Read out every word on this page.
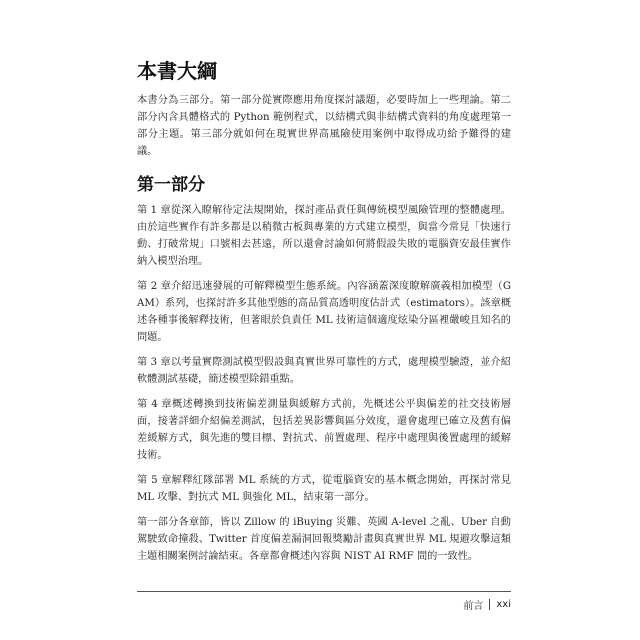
本書大綱

本書分為三部分。第一部分從實際應用角度探討議題，必要時加上一些理論。第二部分內含具體格式的 Python 範例程式，以結構式與非結構式資料的角度處理第一部分主題。第三部分就如何在現實世界高風險使用案例中取得成功給予難得的建議。

第一部分

第 1 章從深入瞭解待定法規開始，探討產品責任與傳統模型風險管理的整體處理。由於這些實作有許多都是以稍微古板與專業的方式建立模型，與當今常見「快速行動、打破常規」口號相去甚遠，所以還會討論如何將假設失敗的電腦資安最佳實作納入模型治理。

第 2 章介紹迅速發展的可解釋模型生態系統。內容涵蓋深度瞭解廣義相加模型（GAM）系列，也探討許多其他型態的高品質高透明度估計式（estimators）。該章概述各種事後解釋技術，但著眼於負責任 ML 技術這個適度炫染分區裡嚴峻且知名的問題。

第 3 章以考量實際測試模型假設與真實世界可靠性的方式，處理模型驗證，並介紹軟體測試基礎，簡述模型除錯重點。

第 4 章概述轉換到技術偏差測量與緩解方式前，先概述公平與偏差的社交技術層面，接著詳細介紹偏差測試，包括差異影響與區分效度，還會處理已確立及舊有偏差緩解方式，與先進的雙目標、對抗式、前置處理、程序中處理與後置處理的緩解技術。

第 5 章解釋紅隊部署 ML 系統的方式，從電腦資安的基本概念開始，再探討常見 ML 攻擊、對抗式 ML 與強化 ML，結束第一部分。

第一部分各章節，皆以 Zillow 的 iBuying 災難、英國 A-level 之亂、Uber 自動駕駛致命撞殺、Twitter 首度偏差漏洞回報獎勵計畫與真實世界 ML 規避攻擊這類主題相關案例討論結束。各章都會概述內容與 NIST AI RMF 間的一致性。

前言 xxi
